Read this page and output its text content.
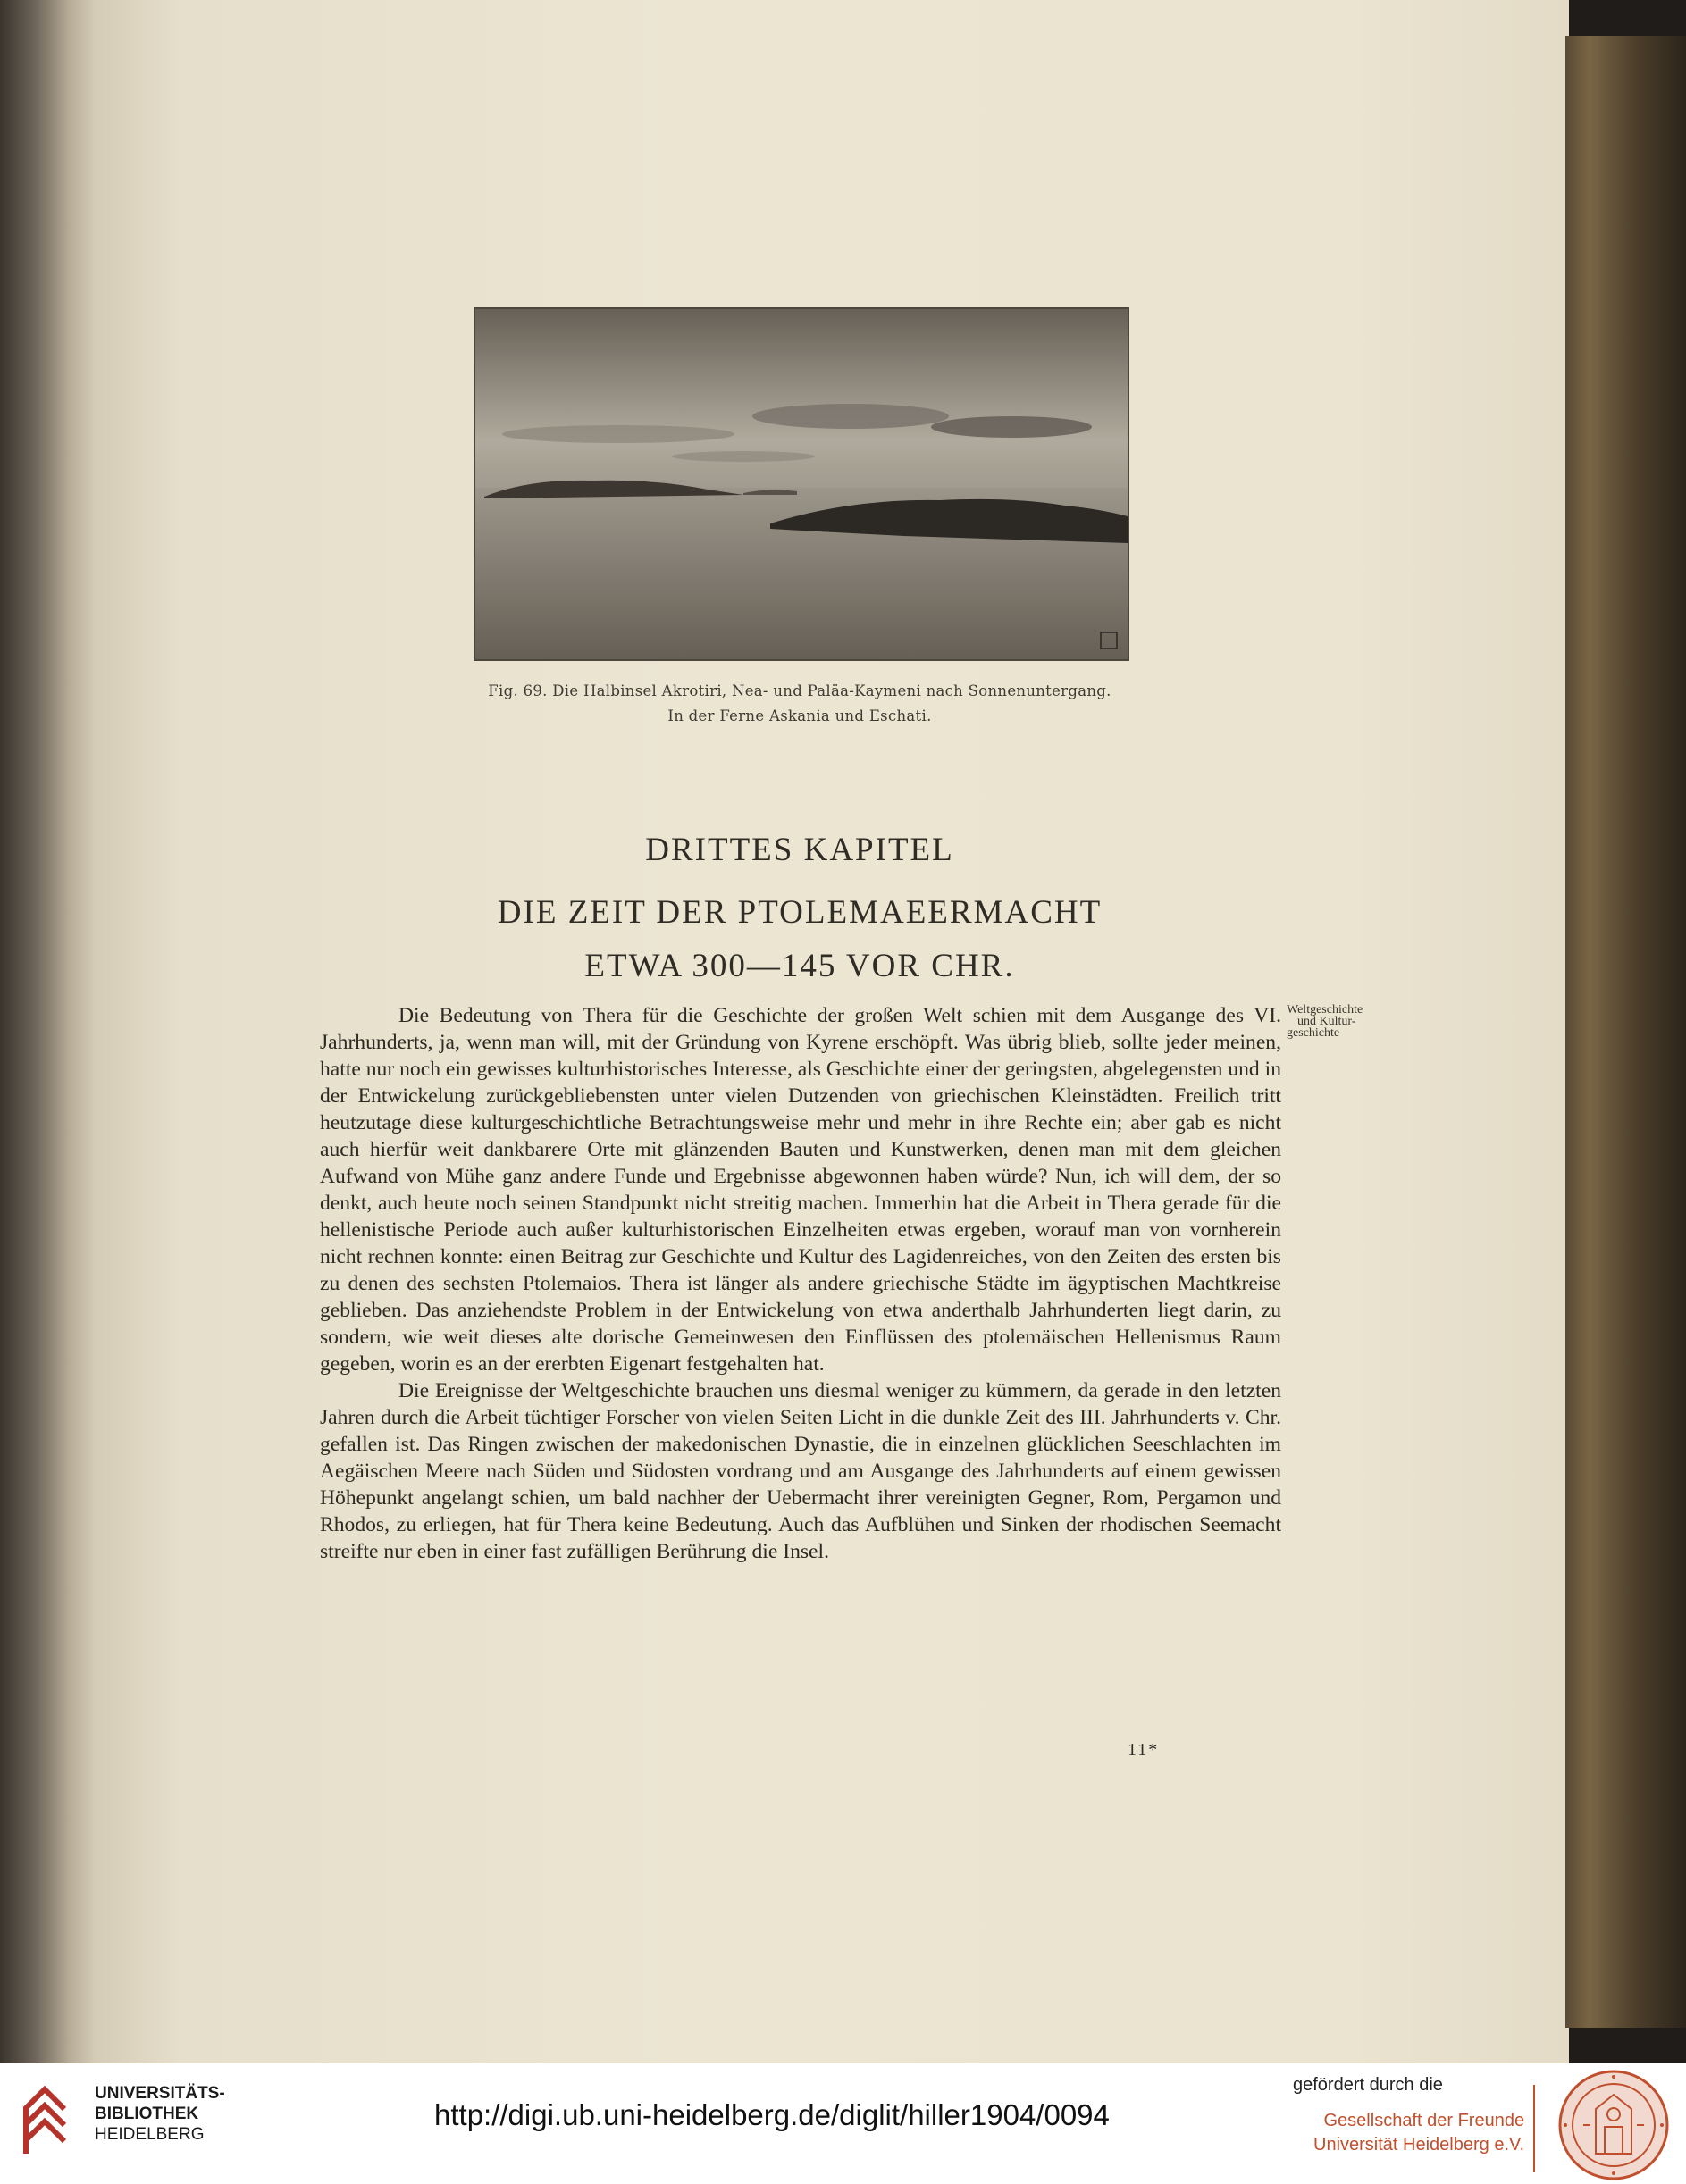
Fig. 69. Die Halbinsel Akrotiri, Nea- und Paläa-Kaymeni nach Sonnenuntergang.
In der Ferne Askania und Eschati.
DRITTES KAPITEL
DIE ZEIT DER PTOLEMAEERMACHT
ETWA 300—145 VOR CHR.

Die Bedeutung von Thera für die Geschichte der großen Welt schien mit dem Ausgange des VI. Jahrhunderts, ja, wenn man will, mit der Gründung von Kyrene erschöpft. Was übrig blieb, sollte jeder meinen, hatte nur noch ein gewisses kulturhistorisches Interesse, als Geschichte einer der geringsten, abgelegensten und in der Entwickelung zurückgebliebensten unter vielen Dutzenden von griechischen Kleinstädten. Freilich tritt heutzutage diese kulturgeschichtliche Betrachtungsweise mehr und mehr in ihre Rechte ein; aber gab es nicht auch hierfür weit dankbarere Orte mit glänzenden Bauten und Kunstwerken, denen man mit dem gleichen Aufwand von Mühe ganz andere Funde und Ergebnisse abgewonnen haben würde? Nun, ich will dem, der so denkt, auch heute noch seinen Standpunkt nicht streitig machen. Immerhin hat die Arbeit in Thera gerade für die hellenistische Periode auch außer kulturhistorischen Einzelheiten etwas ergeben, worauf man von vornherein nicht rechnen konnte: einen Beitrag zur Geschichte und Kultur des Lagidenreiches, von den Zeiten des ersten bis zu denen des sechsten Ptolemaios. Thera ist länger als andere griechische Städte im ägyptischen Machtkreise geblieben. Das anziehendste Problem in der Entwickelung von etwa anderthalb Jahrhunderten liegt darin, zu sondern, wie weit dieses alte dorische Gemeinwesen den Einflüssen des ptolemäischen Hellenismus Raum gegeben, worin es an der ererbten Eigenart festgehalten hat.

Die Ereignisse der Weltgeschichte brauchen uns diesmal weniger zu kümmern, da gerade in den letzten Jahren durch die Arbeit tüchtiger Forscher von vielen Seiten Licht in die dunkle Zeit des III. Jahrhunderts v. Chr. gefallen ist. Das Ringen zwischen der makedonischen Dynastie, die in einzelnen glücklichen Seeschlachten im Aegäischen Meere nach Süden und Südosten vordrang und am Ausgange des Jahrhunderts auf einem gewissen Höhepunkt angelangt schien, um bald nachher der Uebermacht ihrer vereinigten Gegner, Rom, Pergamon und Rhodos, zu erliegen, hat für Thera keine Bedeutung. Auch das Aufblühen und Sinken der rhodischen Seemacht streifte nur eben in einer fast zufälligen Berührung die Insel.

Weltgeschichte
und Kultur-
geschichte
11*
UNIVERSITÄTS-
BIBLIOTHEK
HEIDELBERG
http://digi.ub.uni-heidelberg.de/diglit/hiller1904/0094
gefördert durch die
Gesellschaft der Freunde
Universität Heidelberg e.V.
